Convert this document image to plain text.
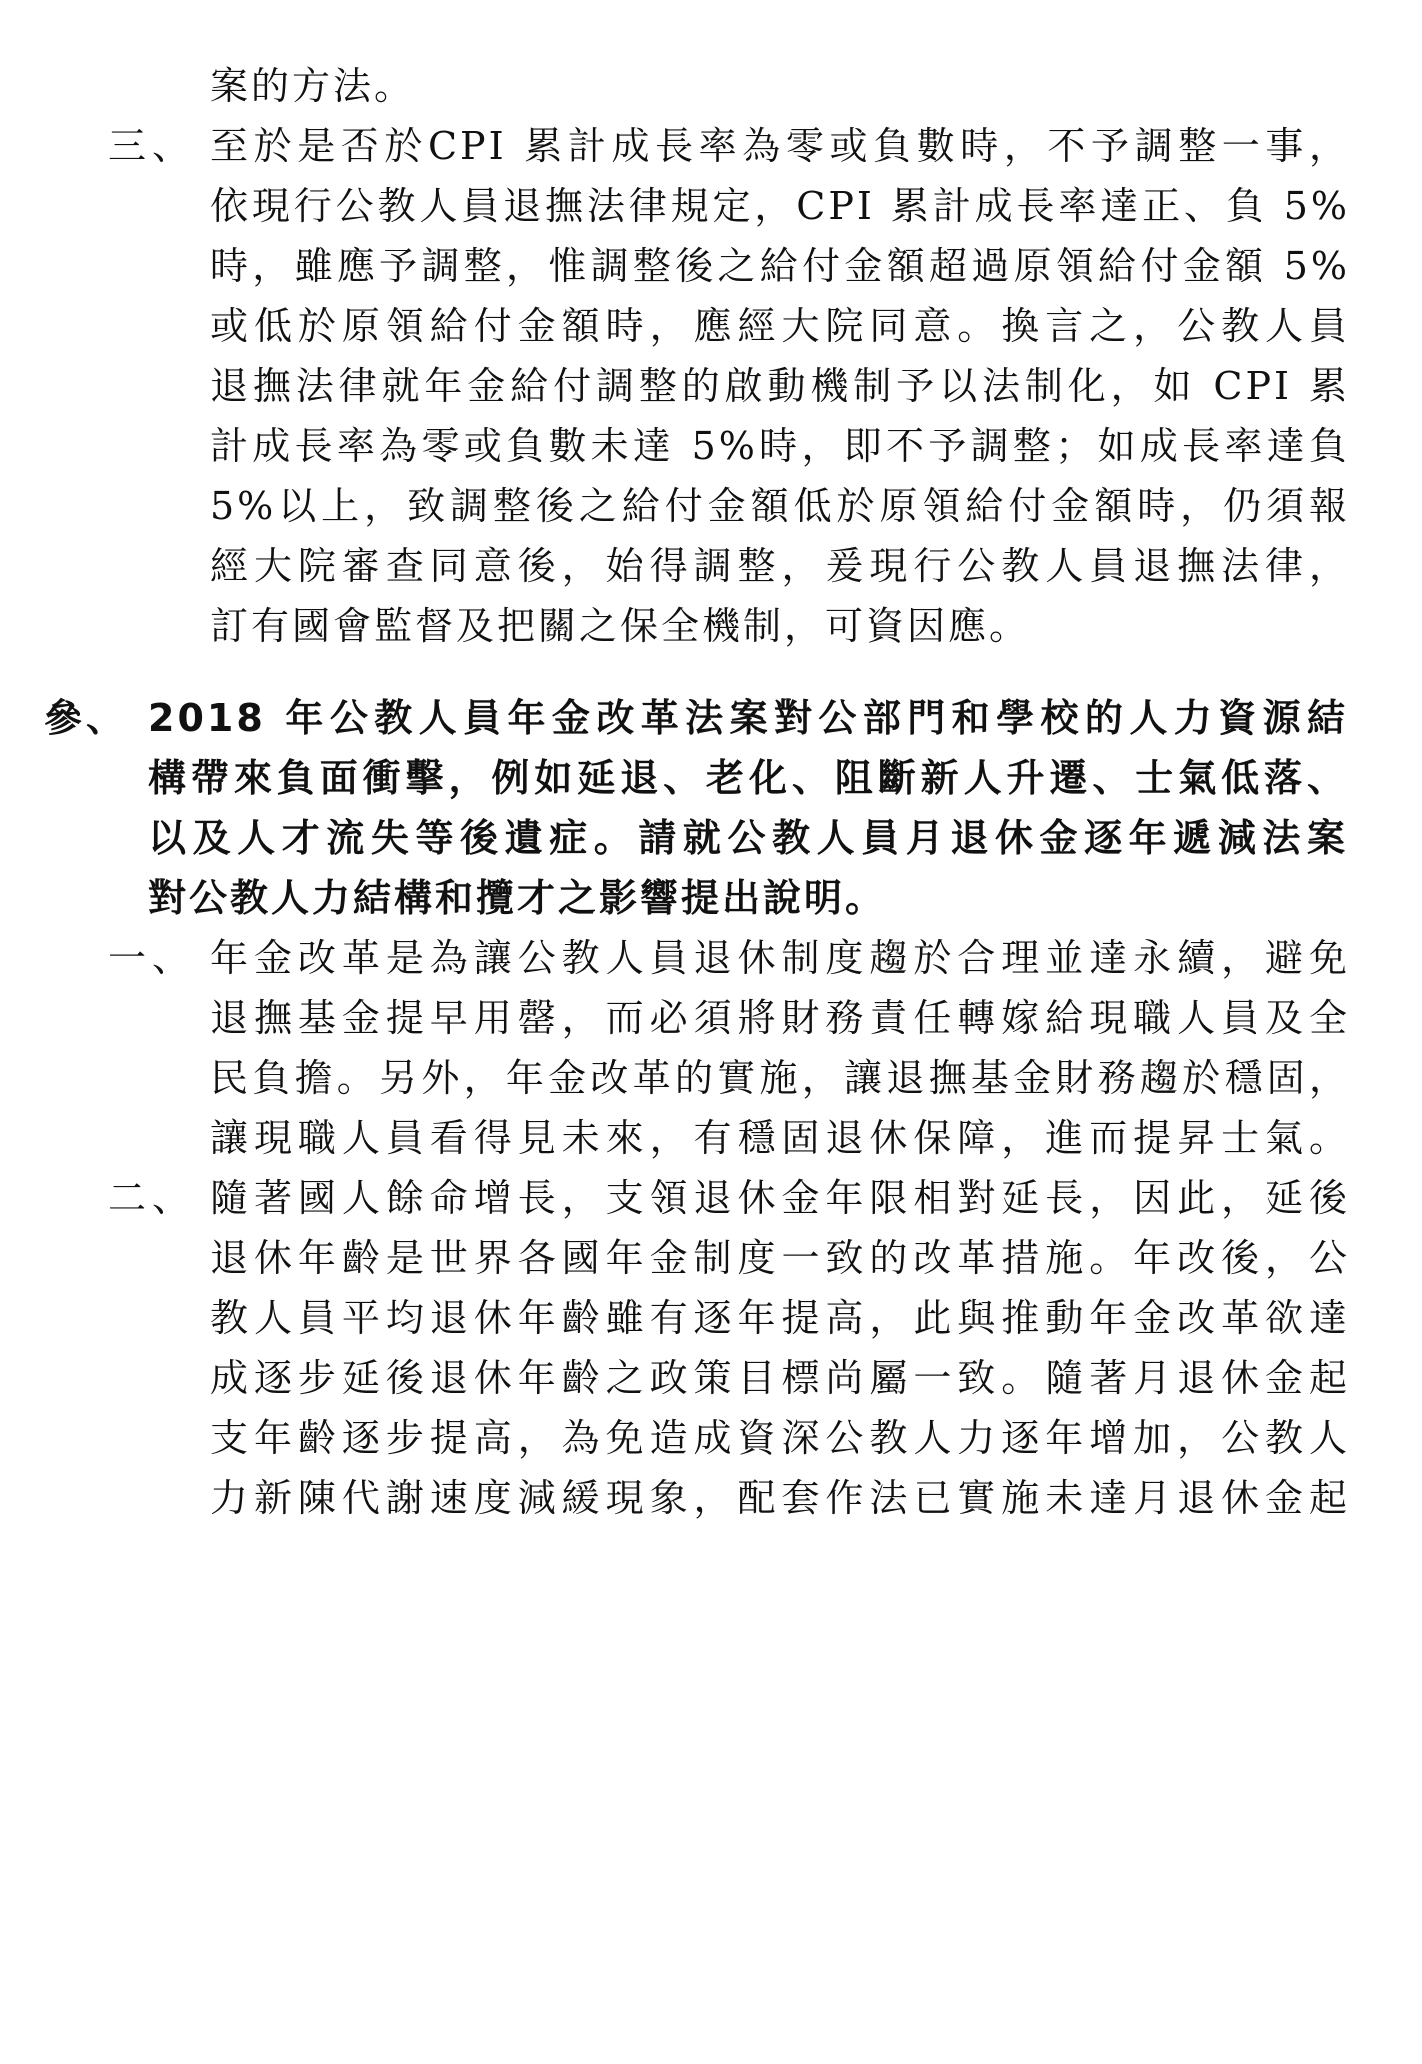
案的方法。
三、 至於是否於CPI 累計成長率為零或負數時，不予調整一事，
依現行公教人員退撫法律規定，CPI 累計成長率達正、負 5%
時，雖應予調整，惟調整後之給付金額超過原領給付金額 5%
或低於原領給付金額時，應經大院同意。換言之，公教人員
退撫法律就年金給付調整的啟動機制予以法制化，如 CPI 累
計成長率為零或負數未達 5%時，即不予調整；如成長率達負
5%以上，致調整後之給付金額低於原領給付金額時，仍須報
經大院審查同意後，始得調整，爰現行公教人員退撫法律，
訂有國會監督及把關之保全機制，可資因應。
參、 2018 年公教人員年金改革法案對公部門和學校的人力資源結
構帶來負面衝擊，例如延退、老化、阻斷新人升遷、士氣低落、
以及人才流失等後遺症。請就公教人員月退休金逐年遞減法案
對公教人力結構和攬才之影響提出說明。
一、 年金改革是為讓公教人員退休制度趨於合理並達永續，避免
退撫基金提早用罄，而必須將財務責任轉嫁給現職人員及全
民負擔。另外，年金改革的實施，讓退撫基金財務趨於穩固，
讓現職人員看得見未來，有穩固退休保障，進而提昇士氣。
二、 隨著國人餘命增長，支領退休金年限相對延長，因此，延後
退休年齡是世界各國年金制度一致的改革措施。年改後，公
教人員平均退休年齡雖有逐年提高，此與推動年金改革欲達
成逐步延後退休年齡之政策目標尚屬一致。隨著月退休金起
支年齡逐步提高，為免造成資深公教人力逐年增加，公教人
力新陳代謝速度減緩現象，配套作法已實施未達月退休金起
